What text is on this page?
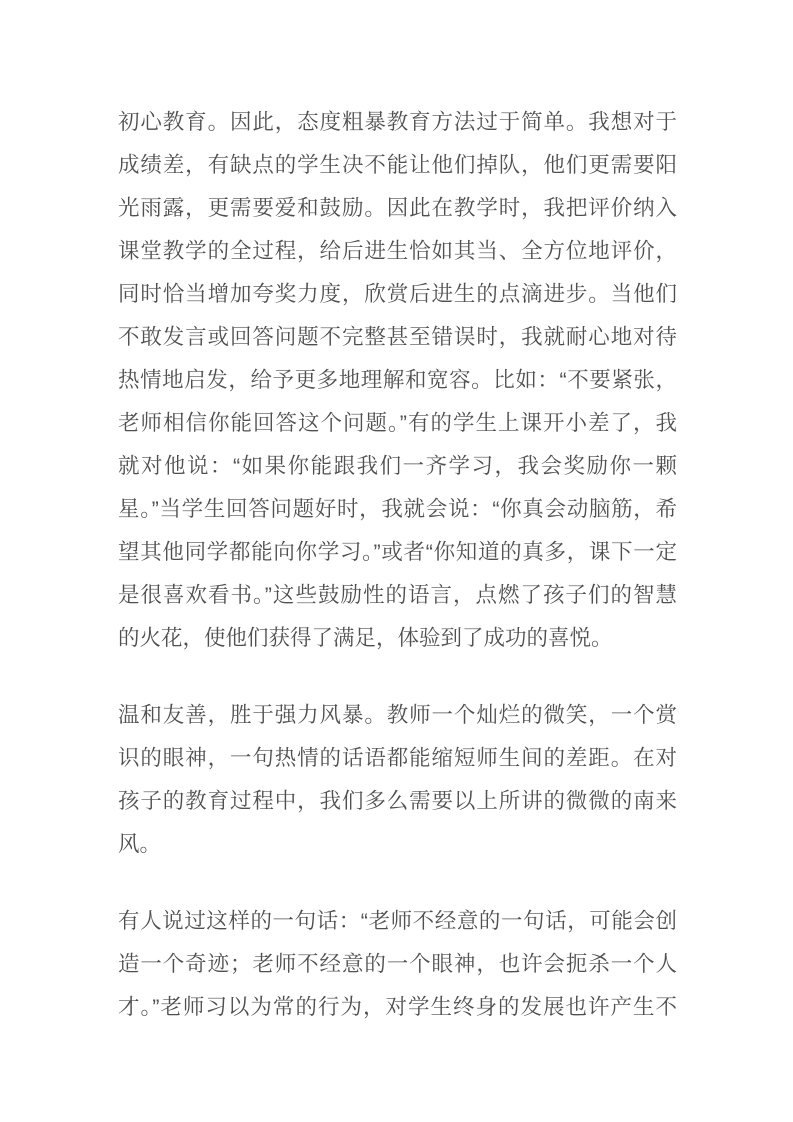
初心教育。因此，态度粗暴教育方法过于简单。我想对于
成绩差，有缺点的学生决不能让他们掉队，他们更需要阳
光雨露，更需要爱和鼓励。因此在教学时，我把评价纳入
课堂教学的全过程，给后进生恰如其当、全方位地评价，
同时恰当增加夸奖力度，欣赏后进生的点滴进步。当他们
不敢发言或回答问题不完整甚至错误时，我就耐心地对待
热情地启发，给予更多地理解和宽容。比如：“不要紧张，
老师相信你能回答这个问题。”有的学生上课开小差了，我
就对他说：“如果你能跟我们一齐学习，我会奖励你一颗
星。”当学生回答问题好时，我就会说：“你真会动脑筋，希
望其他同学都能向你学习。”或者“你知道的真多，课下一定
是很喜欢看书。”这些鼓励性的语言，点燃了孩子们的智慧
的火花，使他们获得了满足，体验到了成功的喜悦。
温和友善，胜于强力风暴。教师一个灿烂的微笑，一个赏
识的眼神，一句热情的话语都能缩短师生间的差距。在对
孩子的教育过程中，我们多么需要以上所讲的微微的南来
风。
有人说过这样的一句话：“老师不经意的一句话，可能会创
造一个奇迹；老师不经意的一个眼神，也许会扼杀一个人
才。”老师习以为常的行为，对学生终身的发展也许产生不
